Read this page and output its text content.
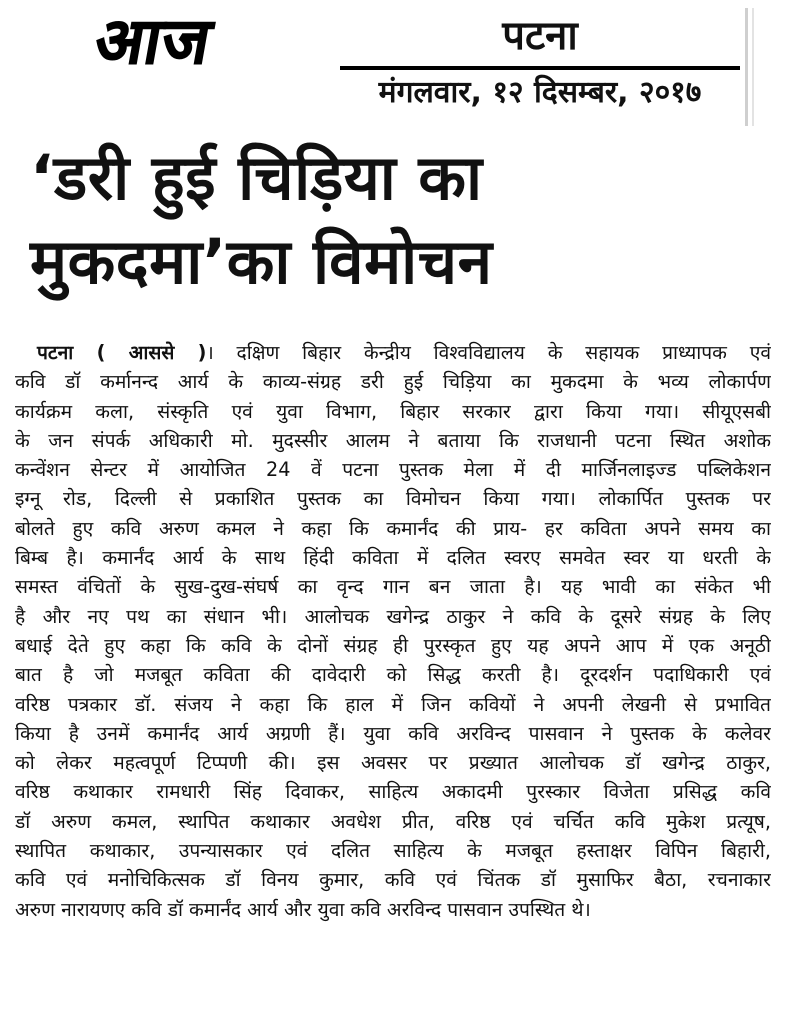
आज	पटना
मंगलवार, १२ दिसम्बर, २०१७
‘डरी हुई चिड़िया का
मुकदमा’का विमोचन
पटना ( आससे )। दक्षिण बिहार केन्द्रीय विश्वविद्यालय के सहायक प्राध्यापक एवं
कवि डॉ कर्मानन्द आर्य के काव्य-संग्रह डरी हुई चिड़िया का मुकदमा के भव्य लोकार्पण
कार्यक्रम कला, संस्कृति एवं युवा विभाग, बिहार सरकार द्वारा किया गया। सीयूएसबी
के जन संपर्क अधिकारी मो. मुदस्सीर आलम ने बताया कि राजधानी पटना स्थित अशोक
कन्वेंशन सेन्टर में आयोजित 24 वें पटना पुस्तक मेला में दी मार्जिनलाइज्ड पब्लिकेशन
इग्नू रोड, दिल्ली से प्रकाशित पुस्तक का विमोचन किया गया। लोकार्पित पुस्तक पर
बोलते हुए कवि अरुण कमल ने कहा कि कमार्नंद की प्राय- हर कविता अपने समय का
बिम्ब है। कमार्नंद आर्य के साथ हिंदी कविता में दलित स्वरए समवेत स्वर या धरती के
समस्त वंचितों के सुख-दुख-संघर्ष का वृन्द गान बन जाता है। यह भावी का संकेत भी
है और नए पथ का संधान भी। आलोचक खगेन्द्र ठाकुर ने कवि के दूसरे संग्रह के लिए
बधाई देते हुए कहा कि कवि के दोनों संग्रह ही पुरस्कृत हुए यह अपने आप में एक अनूठी
बात है जो मजबूत कविता की दावेदारी को सिद्ध करती है। दूरदर्शन पदाधिकारी एवं
वरिष्ठ पत्रकार डॉ. संजय ने कहा कि हाल में जिन कवियों ने अपनी लेखनी से प्रभावित
किया है उनमें कमार्नंद आर्य अग्रणी हैं। युवा कवि अरविन्द पासवान ने पुस्तक के कलेवर
को लेकर महत्वपूर्ण टिप्पणी की। इस अवसर पर प्रख्यात आलोचक डॉ खगेन्द्र ठाकुर,
वरिष्ठ कथाकार रामधारी सिंह दिवाकर, साहित्य अकादमी पुरस्कार विजेता प्रसिद्ध कवि
डॉ अरुण कमल, स्थापित कथाकार अवधेश प्रीत, वरिष्ठ एवं चर्चित कवि मुकेश प्रत्यूष,
स्थापित कथाकार, उपन्यासकार एवं दलित साहित्य के मजबूत हस्ताक्षर विपिन बिहारी,
कवि एवं मनोचिकित्सक डॉ विनय कुमार, कवि एवं चिंतक डॉ मुसाफिर बैठा, रचनाकार
अरुण नारायणए कवि डॉ कमार्नंद आर्य और युवा कवि अरविन्द पासवान उपस्थित थे।
